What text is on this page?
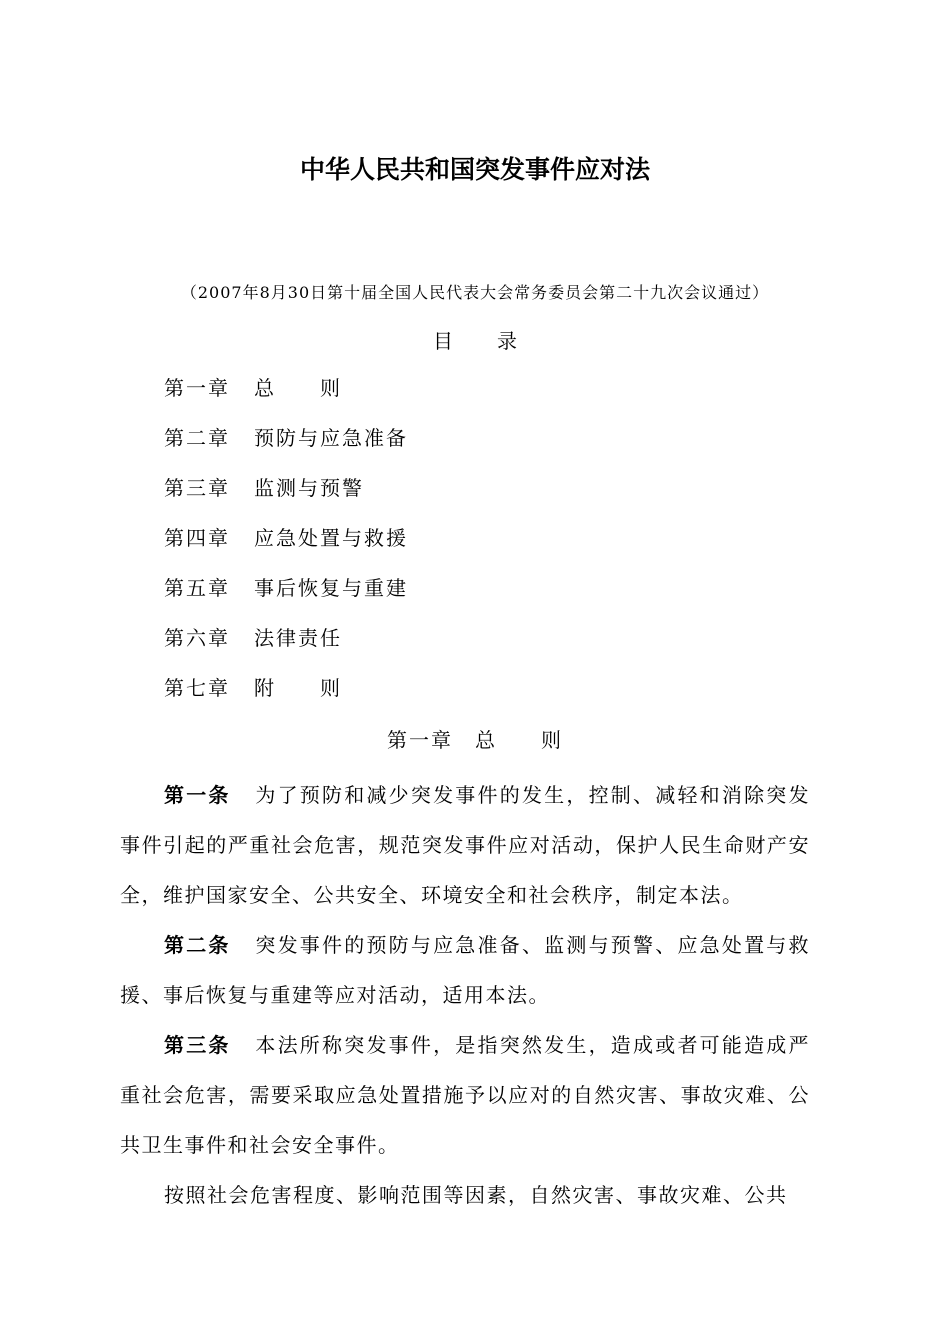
中华人民共和国突发事件应对法
（2007年8月30日第十届全国人民代表大会常务委员会第二十九次会议通过）
目 录
第一章 总　　则
第二章 预防与应急准备
第三章 监测与预警
第四章 应急处置与救援
第五章 事后恢复与重建
第六章 法律责任
第七章 附　　则
第一章　总　　则

第一条 为了预防和减少突发事件的发生，控制、减轻和消除突发事件引起的严重社会危害，规范突发事件应对活动，保护人民生命财产安全，维护国家安全、公共安全、环境安全和社会秩序，制定本法。

第二条 突发事件的预防与应急准备、监测与预警、应急处置与救援、事后恢复与重建等应对活动，适用本法。

第三条 本法所称突发事件，是指突然发生，造成或者可能造成严重社会危害，需要采取应急处置措施予以应对的自然灾害、事故灾难、公共卫生事件和社会安全事件。

按照社会危害程度、影响范围等因素，自然灾害、事故灾难、公共
